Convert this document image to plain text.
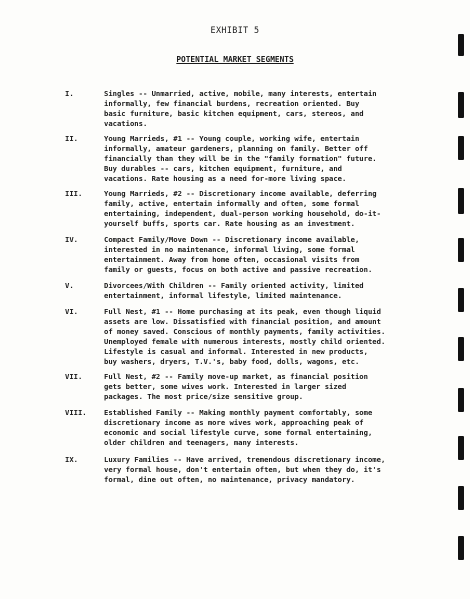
EXHIBIT 5
POTENTIAL MARKET SEGMENTS
I.	Singles -- Unmarried, active, mobile, many interests, entertain
informally, few financial burdens, recreation oriented. Buy
basic furniture, basic kitchen equipment, cars, stereos, and
vacations.
II.	Young Marrieds, #1 -- Young couple, working wife, entertain
informally, amateur gardeners, planning on family. Better off
financially than they will be in the "family formation" future.
Buy durables -- cars, kitchen equipment, furniture, and
vacations. Rate housing as a need for-more living space.
III.	Young Marrieds, #2 -- Discretionary income available, deferring
family, active, entertain informally and often, some formal
entertaining, independent, dual-person working household, do-it-
yourself buffs, sports car. Rate housing as an investment.
IV.	Compact Family/Move Down -- Discretionary income available,
interested in no maintenance, informal living, some formal
entertainment. Away from home often, occasional visits from
family or guests, focus on both active and passive recreation.
V.	Divorcees/With Children -- Family oriented activity, limited
entertainment, informal lifestyle, limited maintenance.
VI.	Full Nest, #1 -- Home purchasing at its peak, even though liquid
assets are low. Dissatisfied with financial position, and amount
of money saved. Conscious of monthly payments, family activities.
Unemployed female with numerous interests, mostly child oriented.
Lifestyle is casual and informal. Interested in new products,
buy washers, dryers, T.V.'s, baby food, dolls, wagons, etc.
VII.	Full Nest, #2 -- Family move-up market, as financial position
gets better, some wives work. Interested in larger sized
packages. The most price/size sensitive group.
VIII.	Established Family -- Making monthly payment comfortably, some
discretionary income as more wives work, approaching peak of
economic and social lifestyle curve, some formal entertaining,
older children and teenagers, many interests.
IX.	Luxury Families -- Have arrived, tremendous discretionary income,
very formal house, don't entertain often, but when they do, it's
formal, dine out often, no maintenance, privacy mandatory.
